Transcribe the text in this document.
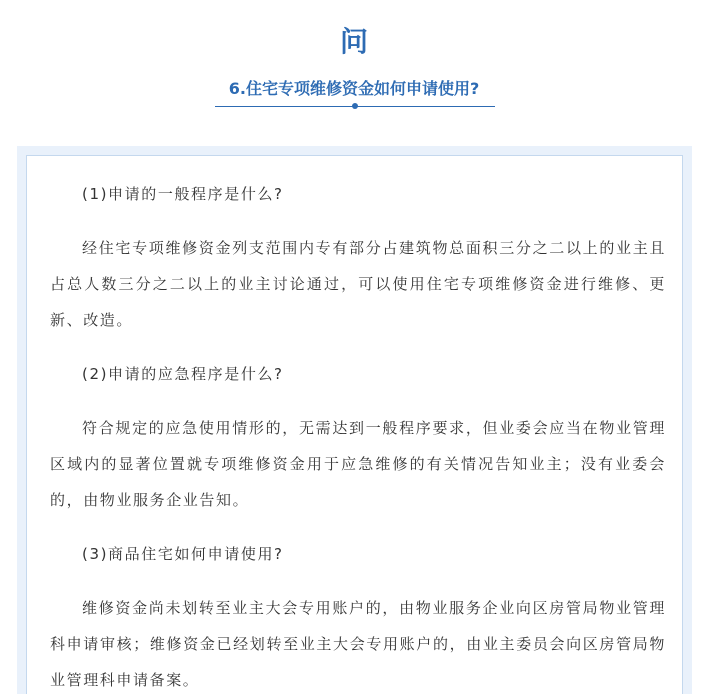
问
6.住宅专项维修资金如何申请使用?

(1)申请的一般程序是什么?

经住宅专项维修资金列支范围内专有部分占建筑物总面积三分之二以上的业主且占总人数三分之二以上的业主讨论通过，可以使用住宅专项维修资金进行维修、更新、改造。

(2)申请的应急程序是什么?

符合规定的应急使用情形的，无需达到一般程序要求，但业委会应当在物业管理区域内的显著位置就专项维修资金用于应急维修的有关情况告知业主；没有业委会的，由物业服务企业告知。

(3)商品住宅如何申请使用?

维修资金尚未划转至业主大会专用账户的，由物业服务企业向区房管局物业管理科申请审核；维修资金已经划转至业主大会专用账户的，由业主委员会向区房管局物业管理科申请备案。
